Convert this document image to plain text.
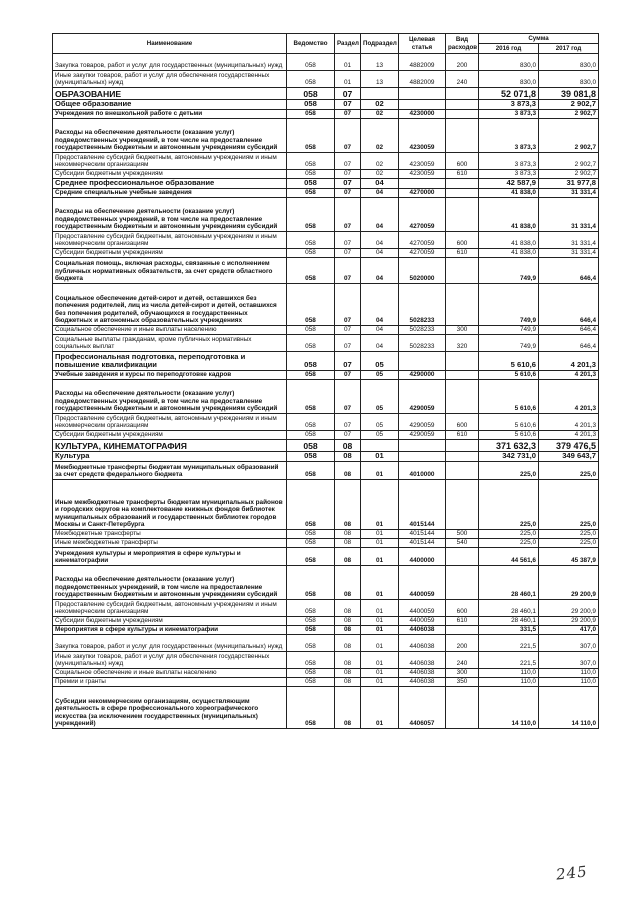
Наименование	Ведомство	Раздел	Подраздел	Целевая статья	Вид расходов	Сумма	
						2016 год	2017 год
Закупка товаров, работ и услуг для государственных (муниципальных) нужд	058	01	13	4882009	200	830,0	830,0
Иные закупки товаров, работ и услуг для обеспечения государственных (муниципальных) нужд	058	01	13	4882009	240	830,0	830,0
ОБРАЗОВАНИЕ	058	07				52 071,8	39 081,8
Общее образование	058	07	02			3 873,3	2 902,7
Учреждения по внешкольной работе с детьми	058	07	02	4230000		3 873,3	2 902,7
Расходы на обеспечение деятельности (оказание услуг) подведомственных учреждений, в том числе на предоставление государственным бюджетным и автономным учреждениям субсидий	058	07	02	4230059		3 873,3	2 902,7
Предоставление субсидий бюджетным, автономным учреждениям и иным некоммерческим организациям	058	07	02	4230059	600	3 873,3	2 902,7
Субсидии бюджетным учреждениям	058	07	02	4230059	610	3 873,3	2 902,7
Среднее профессиональное образование	058	07	04			42 587,9	31 977,8
Средние специальные учебные заведения	058	07	04	4270000		41 838,0	31 331,4
Расходы на обеспечение деятельности (оказание услуг) подведомственных учреждений, в том числе на предоставление государственным бюджетным и автономным учреждениям субсидий	058	07	04	4270059		41 838,0	31 331,4
Предоставление субсидий бюджетным, автономным учреждениям и иным некоммерческим организациям	058	07	04	4270059	600	41 838,0	31 331,4
Субсидии бюджетным учреждениям	058	07	04	4270059	610	41 838,0	31 331,4
Социальная помощь, включая расходы, связанные с исполнением публичных нормативных обязательств, за счет средств областного бюджета	058	07	04	5020000		749,9	646,4
Социальное обеспечение детей-сирот и детей, оставшихся без попечения родителей, лиц из числа детей-сирот и детей, оставшихся без попечения родителей, обучающихся в государственных бюджетных и автономных образовательных учреждениях	058	07	04	5028233		749,9	646,4
Социальное обеспечение и иные выплаты населению	058	07	04	5028233	300	749,9	646,4
Социальные выплаты гражданам, кроме публичных нормативных социальных выплат	058	07	04	5028233	320	749,9	646,4
Профессиональная подготовка, переподготовка и повышение квалификации	058	07	05			5 610,6	4 201,3
Учебные заведения и курсы по переподготовке кадров	058	07	05	4290000		5 610,6	4 201,3
Расходы на обеспечение деятельности (оказание услуг) подведомственных учреждений, в том числе на предоставление государственным бюджетным и автономным учреждениям субсидий	058	07	05	4290059		5 610,6	4 201,3
Предоставление субсидий бюджетным, автономным учреждениям и иным некоммерческим организациям	058	07	05	4290059	600	5 610,6	4 201,3
Субсидии бюджетным учреждениям	058	07	05	4290059	610	5 610,6	4 201,3
КУЛЬТУРА, КИНЕМАТОГРАФИЯ	058	08				371 632,3	379 476,5
Культура	058	08	01			342 731,0	349 643,7
Межбюджетные трансферты бюджетам муниципальных образований за счет средств федерального бюджета	058	08	01	4010000		225,0	225,0
Иные межбюджетные трансферты бюджетам муниципальных районов и городских округов на комплектование книжных фондов библиотек муниципальных образований и государственных библиотек городов Москвы и Санкт-Петербурга	058	08	01	4015144		225,0	225,0
Межбюджетные трансферты	058	08	01	4015144	500	225,0	225,0
Иные межбюджетные трансферты	058	08	01	4015144	540	225,0	225,0
Учреждения культуры и мероприятия в сфере культуры и кинематографии	058	08	01	4400000		44 561,6	45 387,9
Расходы на обеспечение деятельности (оказание услуг) подведомственных учреждений, в том числе на предоставление государственным бюджетным и автономным учреждениям субсидий	058	08	01	4400059		28 460,1	29 200,9
Предоставление субсидий бюджетным, автономным учреждениям и иным некоммерческим организациям	058	08	01	4400059	600	28 460,1	29 200,9
Субсидии бюджетным учреждениям	058	08	01	4400059	610	28 460,1	29 200,9
Мероприятия в сфере культуры и кинематографии	058	08	01	4406038		331,5	417,0
Закупка товаров, работ и услуг для государственных (муниципальных) нужд	058	08	01	4406038	200	221,5	307,0
Иные закупки товаров, работ и услуг для обеспечения государственных (муниципальных) нужд	058	08	01	4406038	240	221,5	307,0
Социальное обеспечение и иные выплаты населению	058	08	01	4406038	300	110,0	110,0
Премии и гранты	058	08	01	4406038	350	110,0	110,0
Субсидии некоммерческим организациям, осуществляющим деятельность в сфере профессионального хореографического искусства (за исключением государственных (муниципальных) учреждений)	058	08	01	4406057		14 110,0	14 110,0
245
